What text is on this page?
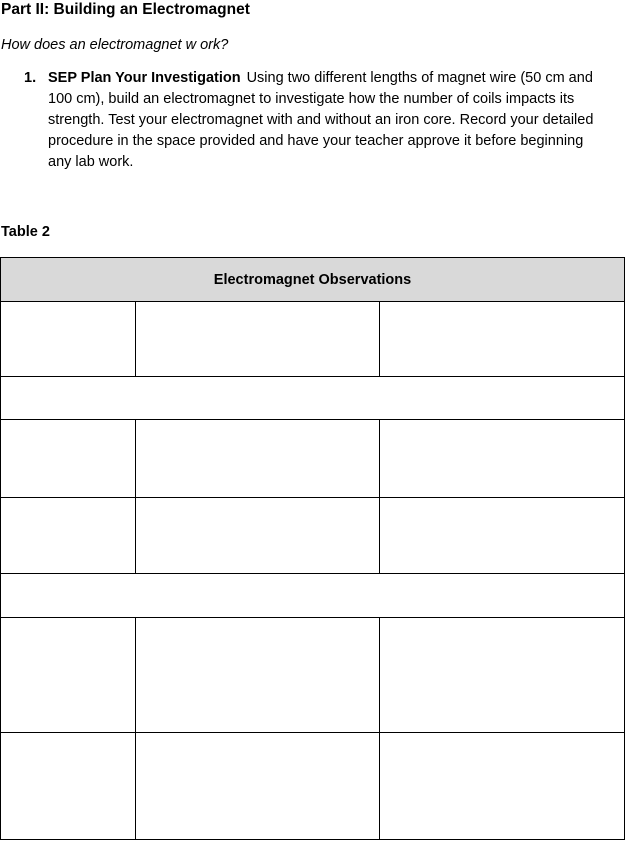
Part II: Building an Electromagnet
How does an electromagnet w ork?
1. SEP Plan Your Investigation Using two different lengths of magnet wire (50 cm and 100 cm), build an electromagnet to investigate how the number of coils impacts its strength. Test your electromagnet with and without an iron core. Record your detailed procedure in the space provided and have your teacher approve it before beginning any lab work.
Table 2
Electromagnet Observations		
